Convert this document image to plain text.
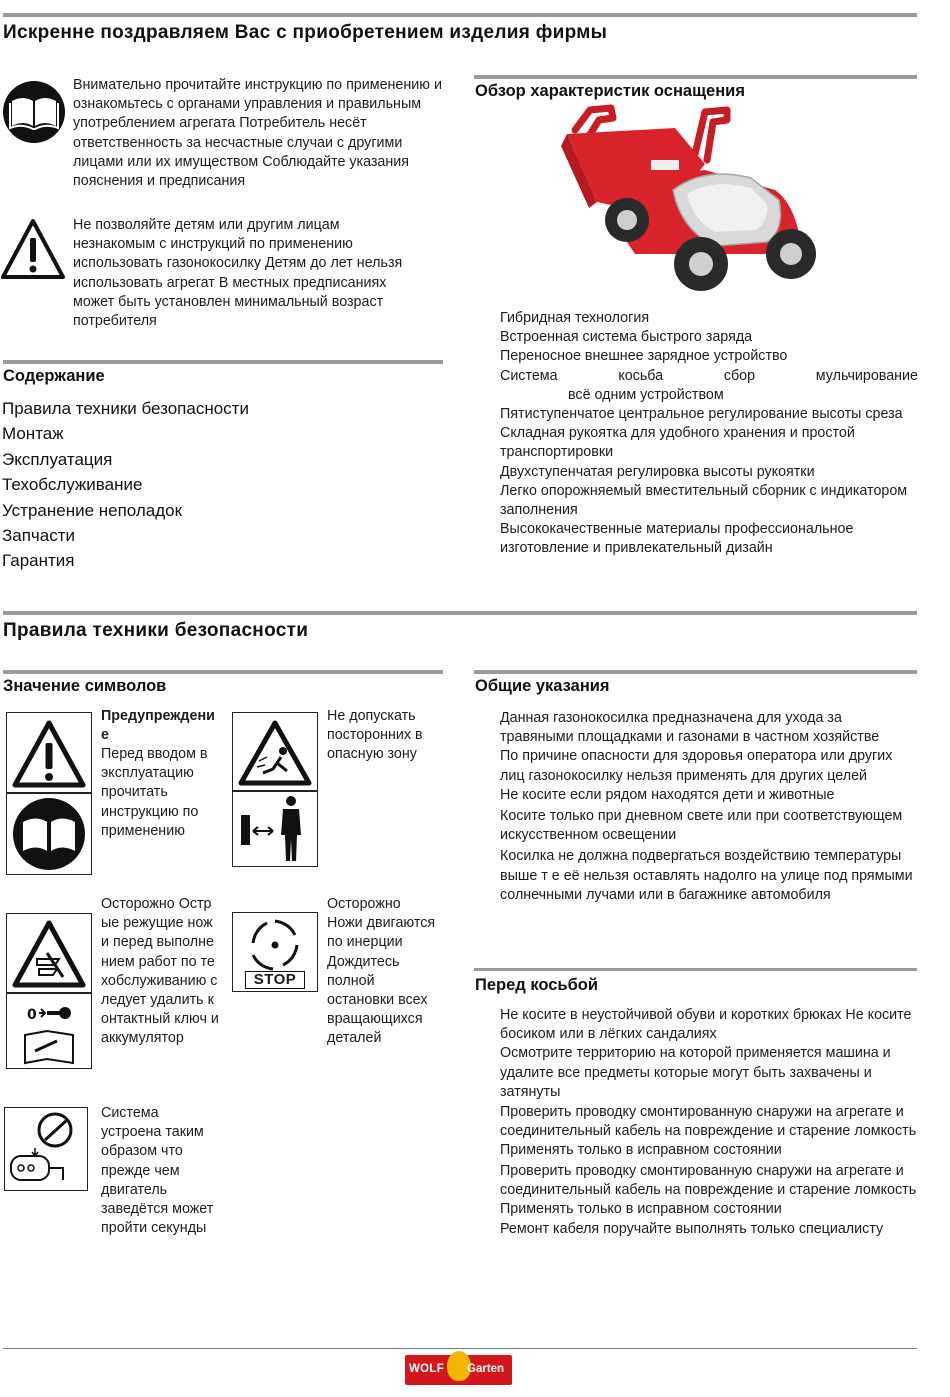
Искренне поздравляем Вас с приобретением изделия фирмы
Внимательно прочитайте инструкцию по применению и ознакомьтесь с органами управления и правильным употреблением агрегата Потребитель несёт ответственность за несчастные случаи с другими лицами или их имуществом Соблюдайте указания пояснения и предписания
Не позволяйте детям или другим лицам незнакомым с инструкций по применению использовать газонокосилку Детям до лет нельзя использовать агрегат В местных предписаниях может быть установлен минимальный возраст потребителя
Содержание
Правила техники безопасности
Монтаж
Эксплуатация
Техобслуживание
Устранение неполадок
Запчасти
Гарантия
Обзор характеристик оснащения
Гибридная технология
Встроенная система быстрого заряда
Переносное внешнее зарядное устройство
Система	косьба	сбор	мульчирование
всё одним устройством
Пятиступенчатое центральное регулирование высоты среза
Складная рукоятка для удобного хранения и простой транспортировки
Двухступенчатая регулировка высоты рукоятки
Легко опорожняемый вместительный сборник с индикатором заполнения
Высококачественные материалы профессиональное изготовление и привлекательный дизайн
Правила техники безопасности
Значение символов
Предупреждение
Перед вводом в эксплуатацию прочитать инструкцию по применению
Не допускать посторонних в опасную зону
0
Осторожно Острые режущие ножи перед выполнением работ по техобслуживанию следует удалить контактный ключ и аккумулятор
STOP
Осторожно Ножи двигаются по инерции Дождитесь полной остановки всех вращающихся деталей
Система устроена таким образом что прежде чем двигатель заведётся может пройти секунды
Общие указания

Данная газонокосилка предназначена для ухода за травяными площадками и газонами в частном хозяйстве

По причине опасности для здоровья оператора или других лиц газонокосилку нельзя применять для других целей

Не косите если рядом находятся дети и животные

Косите только при дневном свете или при соответствующем искусственном освещении

Косилка не должна подвергаться воздействию температуры выше т е её нельзя оставлять надолго на улице под прямыми солнечными лучами или в багажнике автомобиля

Перед косьбой

Не косите в неустойчивой обуви и коротких брюках Не косите босиком или в лёгких сандалиях

Осмотрите территорию на которой применяется машина и удалите все предметы которые могут быть захвачены и затянуты

Проверить проводку смонтированную снаружи на агрегате и соединительный кабель на повреждение и старение ломкость Применять только в исправном состоянии

Проверить проводку смонтированную снаружи на агрегате и соединительный кабель на повреждение и старение ломкость Применять только в исправном состоянии

Ремонт кабеля поручайте выполнять только специалисту

WOLF Garten
